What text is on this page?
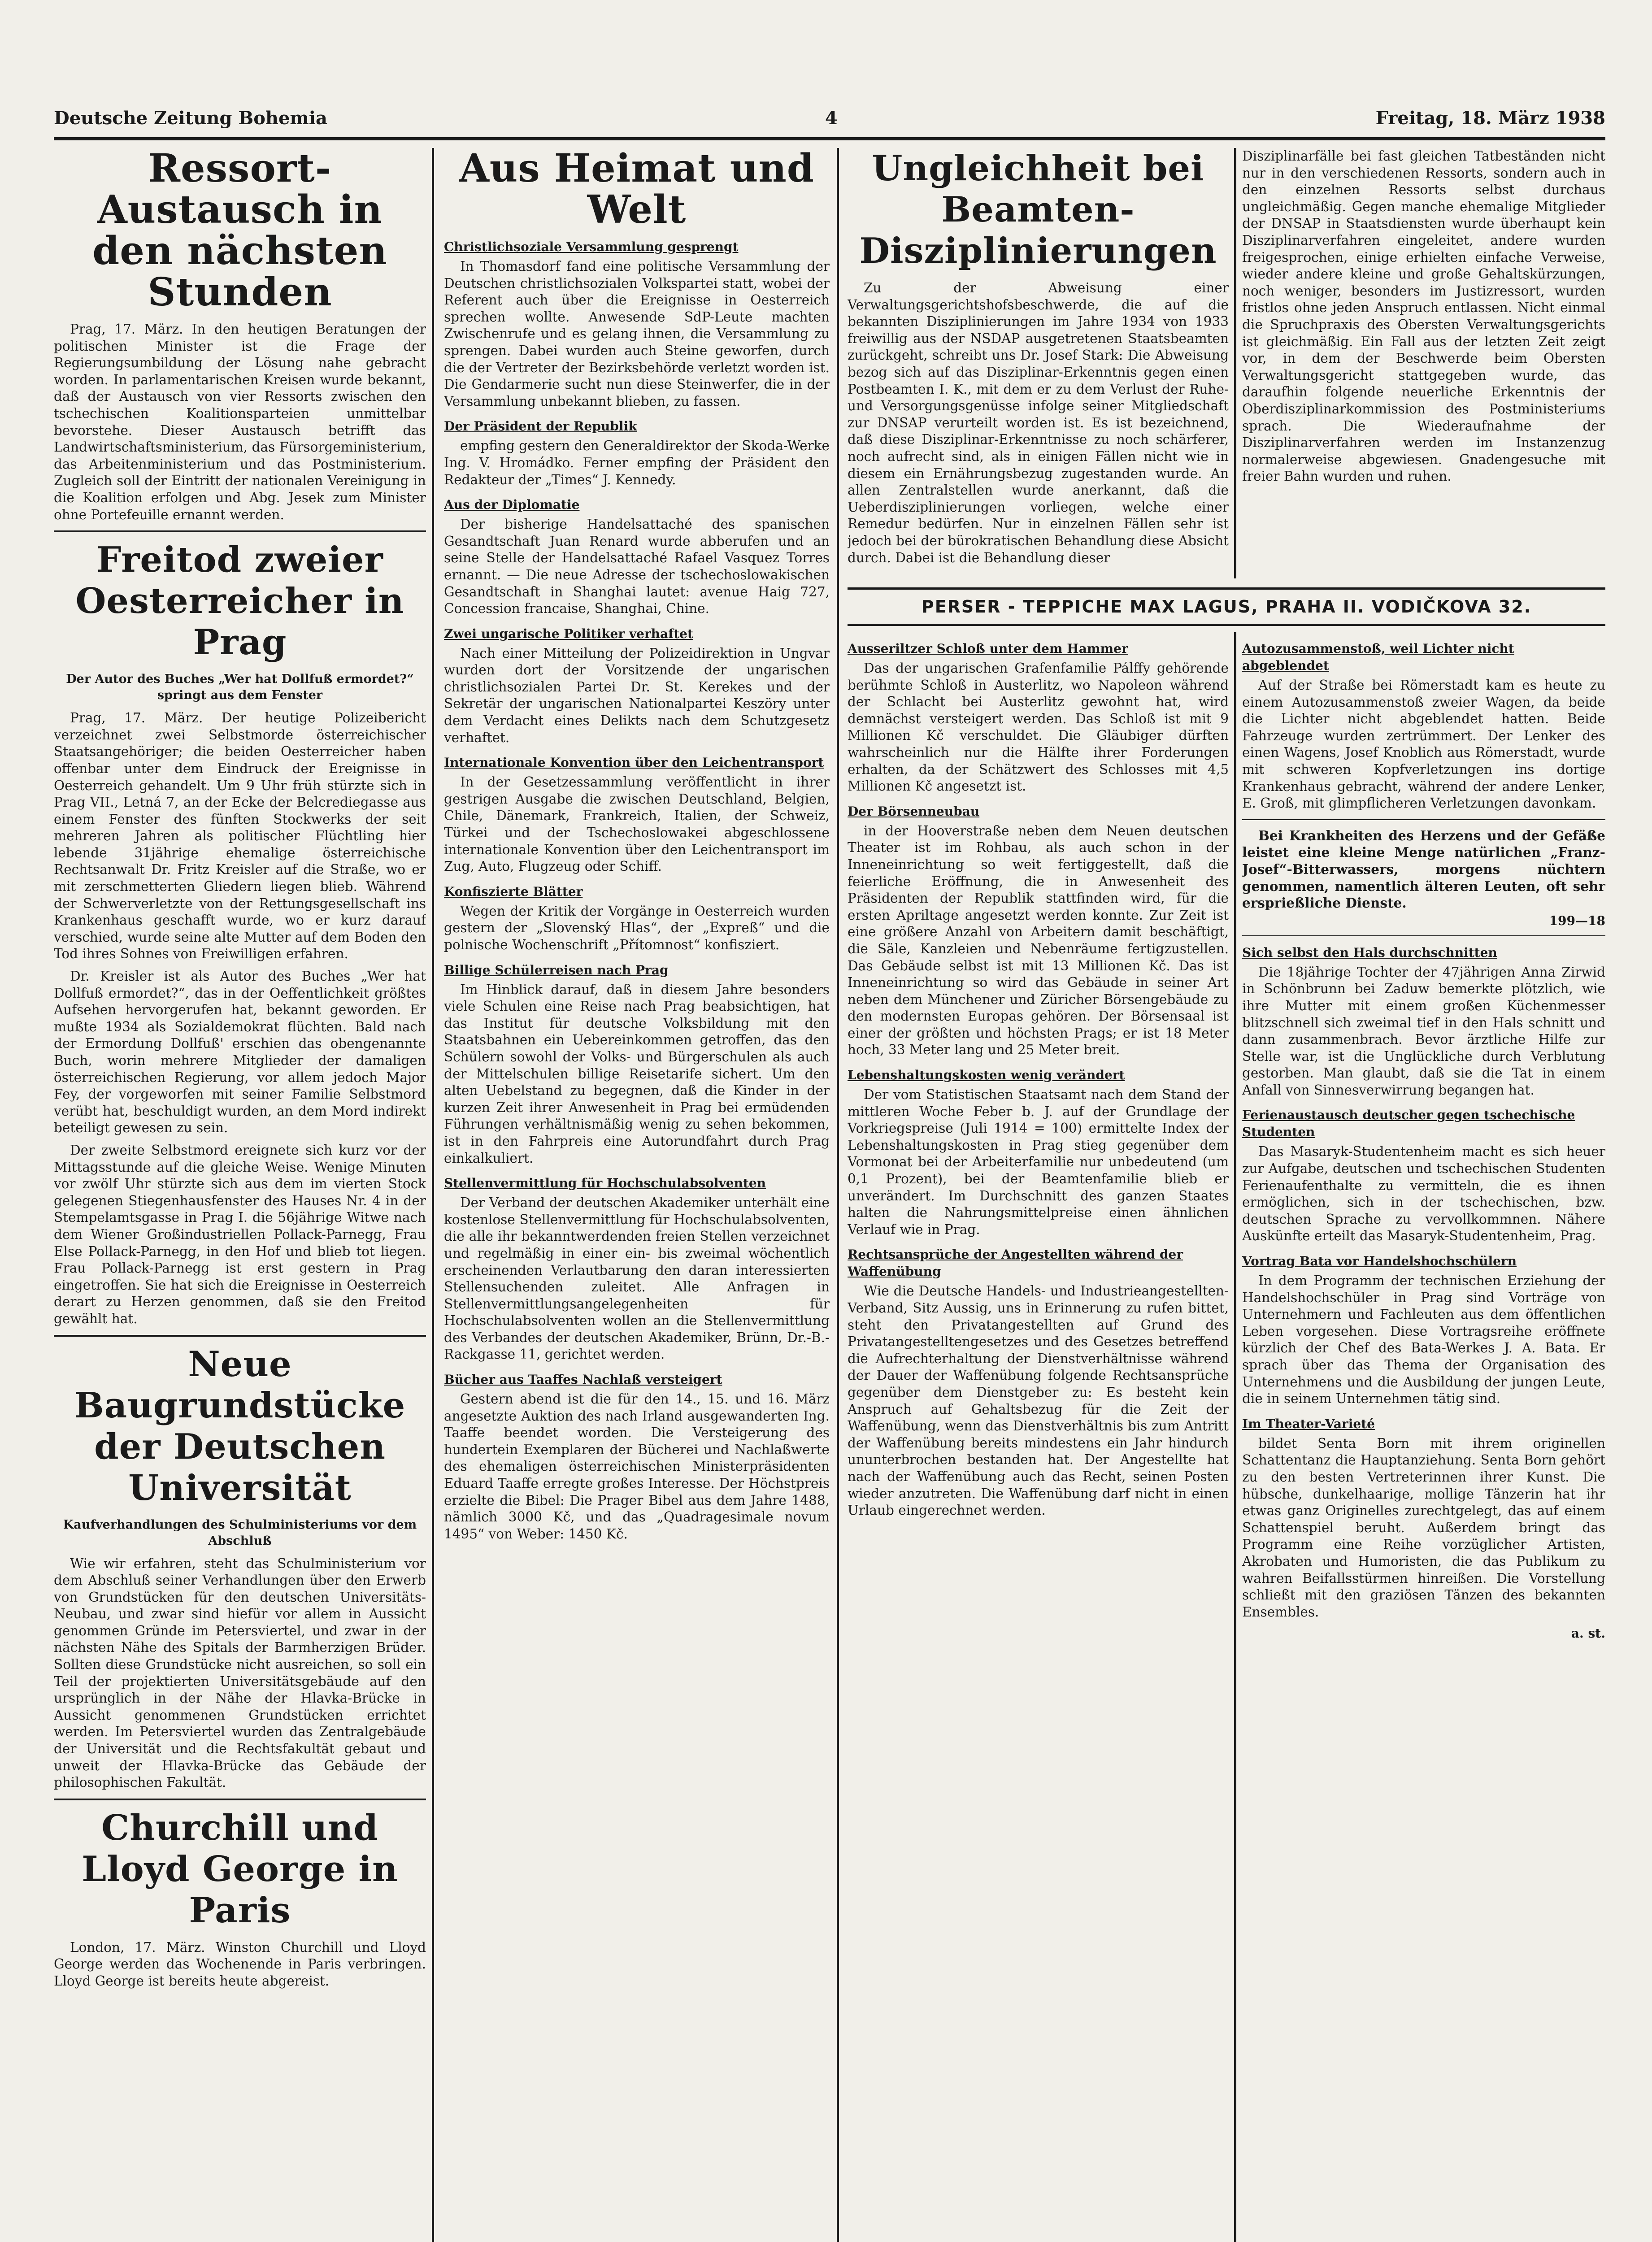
Deutsche Zeitung Bohemia	4	Freitag, 18. März 1938
Ressort-Austausch in den nächsten Stunden

Prag, 17. März. In den heutigen Beratungen der politischen Minister ist die Frage der Regierungsumbildung der Lösung nahe gebracht worden. In parlamentarischen Kreisen wurde bekannt, daß der Austausch von vier Ressorts zwischen den tschechischen Koalitionsparteien unmittelbar bevorstehe. Dieser Austausch betrifft das Landwirtschaftsministerium, das Fürsorgeministerium, das Arbeitenministerium und das Postministerium. Zugleich soll der Eintritt der nationalen Vereinigung in die Koalition erfolgen und Abg. Jesek zum Minister ohne Portefeuille ernannt werden.

Freitod zweier Oesterreicher in Prag
Der Autor des Buches „Wer hat Dollfuß ermordet?“ springt aus dem Fenster

Prag, 17. März. Der heutige Polizeibericht verzeichnet zwei Selbstmorde österreichischer Staatsangehöriger; die beiden Oesterreicher haben offenbar unter dem Eindruck der Ereignisse in Oesterreich gehandelt. Um 9 Uhr früh stürzte sich in Prag VII., Letná 7, an der Ecke der Belcrediegasse aus einem Fenster des fünften Stockwerks der seit mehreren Jahren als politischer Flüchtling hier lebende 31jährige ehemalige österreichische Rechtsanwalt Dr. Fritz Kreisler auf die Straße, wo er mit zerschmetterten Gliedern liegen blieb. Während der Schwerverletzte von der Rettungsgesellschaft ins Krankenhaus geschafft wurde, wo er kurz darauf verschied, wurde seine alte Mutter auf dem Boden den Tod ihres Sohnes von Freiwilligen erfahren.

Dr. Kreisler ist als Autor des Buches „Wer hat Dollfuß ermordet?“, das in der Oeffentlichkeit größtes Aufsehen hervorgerufen hat, bekannt geworden. Er mußte 1934 als Sozialdemokrat flüchten. Bald nach der Ermordung Dollfuß' erschien das obengenannte Buch, worin mehrere Mitglieder der damaligen österreichischen Regierung, vor allem jedoch Major Fey, der vorgeworfen mit seiner Familie Selbstmord verübt hat, beschuldigt wurden, an dem Mord indirekt beteiligt gewesen zu sein.

Der zweite Selbstmord ereignete sich kurz vor der Mittagsstunde auf die gleiche Weise. Wenige Minuten vor zwölf Uhr stürzte sich aus dem im vierten Stock gelegenen Stiegenhausfenster des Hauses Nr. 4 in der Stempelamtsgasse in Prag I. die 56jährige Witwe nach dem Wiener Großindustriellen Pollack-Parnegg, Frau Else Pollack-Parnegg, in den Hof und blieb tot liegen. Frau Pollack-Parnegg ist erst gestern in Prag eingetroffen. Sie hat sich die Ereignisse in Oesterreich derart zu Herzen genommen, daß sie den Freitod gewählt hat.

Neue Baugrundstücke der Deutschen Universität
Kaufverhandlungen des Schulministeriums vor dem Abschluß

Wie wir erfahren, steht das Schulministerium vor dem Abschluß seiner Verhandlungen über den Erwerb von Grundstücken für den deutschen Universitäts-Neubau, und zwar sind hiefür vor allem in Aussicht genommen Gründe im Petersviertel, und zwar in der nächsten Nähe des Spitals der Barmherzigen Brüder. Sollten diese Grundstücke nicht ausreichen, so soll ein Teil der projektierten Universitätsgebäude auf den ursprünglich in der Nähe der Hlavka-Brücke in Aussicht genommenen Grundstücken errichtet werden. Im Petersviertel wurden das Zentralgebäude der Universität und die Rechtsfakultät gebaut und unweit der Hlavka-Brücke das Gebäude der philosophischen Fakultät.

Churchill und Lloyd George in Paris

London, 17. März. Winston Churchill und Lloyd George werden das Wochenende in Paris verbringen. Lloyd George ist bereits heute abgereist.

Aus Heimat und Welt
Christlichsoziale Versammlung gesprengt

In Thomasdorf fand eine politische Versammlung der Deutschen christlichsozialen Volkspartei statt, wobei der Referent auch über die Ereignisse in Oesterreich sprechen wollte. Anwesende SdP-Leute machten Zwischenrufe und es gelang ihnen, die Versammlung zu sprengen. Dabei wurden auch Steine geworfen, durch die der Vertreter der Bezirksbehörde verletzt worden ist. Die Gendarmerie sucht nun diese Steinwerfer, die in der Versammlung unbekannt blieben, zu fassen.

Der Präsident der Republik

empfing gestern den Generaldirektor der Skoda-Werke Ing. V. Hromádko. Ferner empfing der Präsident den Redakteur der „Times“ J. Kennedy.

Aus der Diplomatie

Der bisherige Handelsattaché des spanischen Gesandtschaft Juan Renard wurde abberufen und an seine Stelle der Handelsattaché Rafael Vasquez Torres ernannt. — Die neue Adresse der tschechoslowakischen Gesandtschaft in Shanghai lautet: avenue Haig 727, Concession francaise, Shanghai, Chine.

Zwei ungarische Politiker verhaftet

Nach einer Mitteilung der Polizeidirektion in Ungvar wurden dort der Vorsitzende der ungarischen christlichsozialen Partei Dr. St. Kerekes und der Sekretär der ungarischen Nationalpartei Keszöry unter dem Verdacht eines Delikts nach dem Schutzgesetz verhaftet.

Internationale Konvention über den Leichentransport

In der Gesetzessammlung veröffentlicht in ihrer gestrigen Ausgabe die zwischen Deutschland, Belgien, Chile, Dänemark, Frankreich, Italien, der Schweiz, Türkei und der Tschechoslowakei abgeschlossene internationale Konvention über den Leichentransport im Zug, Auto, Flugzeug oder Schiff.

Konfiszierte Blätter

Wegen der Kritik der Vorgänge in Oesterreich wurden gestern der „Slovenský Hlas“, der „Expreß“ und die polnische Wochenschrift „Přítomnost“ konfisziert.

Billige Schülerreisen nach Prag

Im Hinblick darauf, daß in diesem Jahre besonders viele Schulen eine Reise nach Prag beabsichtigen, hat das Institut für deutsche Volksbildung mit den Staatsbahnen ein Uebereinkommen getroffen, das den Schülern sowohl der Volks- und Bürgerschulen als auch der Mittelschulen billige Reisetarife sichert. Um den alten Uebelstand zu begegnen, daß die Kinder in der kurzen Zeit ihrer Anwesenheit in Prag bei ermüdenden Führungen verhältnismäßig wenig zu sehen bekommen, ist in den Fahrpreis eine Autorundfahrt durch Prag einkalkuliert.

Stellenvermittlung für Hochschulabsolventen

Der Verband der deutschen Akademiker unterhält eine kostenlose Stellenvermittlung für Hochschulabsolventen, die alle ihr bekanntwerdenden freien Stellen verzeichnet und regelmäßig in einer ein- bis zweimal wöchentlich erscheinenden Verlautbarung den daran interessierten Stellensuchenden zuleitet. Alle Anfragen in Stellenvermittlungsangelegenheiten für Hochschulabsolventen wollen an die Stellenvermittlung des Verbandes der deutschen Akademiker, Brünn, Dr.-B.-Rackgasse 11, gerichtet werden.

Bücher aus Taaffes Nachlaß versteigert

Gestern abend ist die für den 14., 15. und 16. März angesetzte Auktion des nach Irland ausgewanderten Ing. Taaffe beendet worden. Die Versteigerung des hundertein Exemplaren der Bücherei und Nachlaßwerte des ehemaligen österreichischen Ministerpräsidenten Eduard Taaffe erregte großes Interesse. Der Höchstpreis erzielte die Bibel: Die Prager Bibel aus dem Jahre 1488, nämlich 3000 Kč, und das „Quadragesimale novum 1495“ von Weber: 1450 Kč.

Ungleichheit bei Beamten-Disziplinierungen

Zu der Abweisung einer Verwaltungsgerichtshofsbeschwerde, die auf die bekannten Disziplinierungen im Jahre 1934 von 1933 freiwillig aus der NSDAP ausgetretenen Staatsbeamten zurückgeht, schreibt uns Dr. Josef Stark: Die Abweisung bezog sich auf das Disziplinar-Erkenntnis gegen einen Postbeamten I. K., mit dem er zu dem Verlust der Ruhe- und Versorgungsgenüsse infolge seiner Mitgliedschaft zur DNSAP verurteilt worden ist. Es ist bezeichnend, daß diese Disziplinar-Erkenntnisse zu noch schärferer, noch aufrecht sind, als in einigen Fällen nicht wie in diesem ein Ernährungsbezug zugestanden wurde. An allen Zentralstellen wurde anerkannt, daß die Ueberdisziplinierungen vorliegen, welche einer Remedur bedürfen. Nur in einzelnen Fällen sehr ist jedoch bei der bürokratischen Behandlung diese Absicht durch. Dabei ist die Behandlung dieser

Disziplinarfälle bei fast gleichen Tatbeständen nicht nur in den verschiedenen Ressorts, sondern auch in den einzelnen Ressorts selbst durchaus ungleichmäßig. Gegen manche ehemalige Mitglieder der DNSAP in Staatsdiensten wurde überhaupt kein Disziplinarverfahren eingeleitet, andere wurden freigesprochen, einige erhielten einfache Verweise, wieder andere kleine und große Gehaltskürzungen, noch weniger, besonders im Justizressort, wurden fristlos ohne jeden Anspruch entlassen. Nicht einmal die Spruchpraxis des Obersten Verwaltungsgerichts ist gleichmäßig. Ein Fall aus der letzten Zeit zeigt vor, in dem der Beschwerde beim Obersten Verwaltungsgericht stattgegeben wurde, das daraufhin folgende neuerliche Erkenntnis der Oberdisziplinarkommission des Postministeriums sprach. Die Wiederaufnahme der Disziplinarverfahren werden im Instanzenzug normalerweise abgewiesen. Gnadengesuche mit freier Bahn wurden und ruhen.

PERSER - TEPPICHE MAX LAGUS, PRAHA II. VODIČKOVA 32.
Ausseriltzer Schloß unter dem Hammer

Das der ungarischen Grafenfamilie Pálffy gehörende berühmte Schloß in Austerlitz, wo Napoleon während der Schlacht bei Austerlitz gewohnt hat, wird demnächst versteigert werden. Das Schloß ist mit 9 Millionen Kč verschuldet. Die Gläubiger dürften wahrscheinlich nur die Hälfte ihrer Forderungen erhalten, da der Schätzwert des Schlosses mit 4,5 Millionen Kč angesetzt ist.

Der Börsenneubau

in der Hooverstraße neben dem Neuen deutschen Theater ist im Rohbau, als auch schon in der Inneneinrichtung so weit fertiggestellt, daß die feierliche Eröffnung, die in Anwesenheit des Präsidenten der Republik stattfinden wird, für die ersten Apriltage angesetzt werden konnte. Zur Zeit ist eine größere Anzahl von Arbeitern damit beschäftigt, die Säle, Kanzleien und Nebenräume fertigzustellen. Das Gebäude selbst ist mit 13 Millionen Kč. Das ist Inneneinrichtung so wird das Gebäude in seiner Art neben dem Münchener und Züricher Börsengebäude zu den modernsten Europas gehören. Der Börsensaal ist einer der größten und höchsten Prags; er ist 18 Meter hoch, 33 Meter lang und 25 Meter breit.

Lebenshaltungskosten wenig verändert

Der vom Statistischen Staatsamt nach dem Stand der mittleren Woche Feber b. J. auf der Grundlage der Vorkriegspreise (Juli 1914 = 100) ermittelte Index der Lebenshaltungskosten in Prag stieg gegenüber dem Vormonat bei der Arbeiterfamilie nur unbedeutend (um 0,1 Prozent), bei der Beamtenfamilie blieb er unverändert. Im Durchschnitt des ganzen Staates halten die Nahrungsmittelpreise einen ähnlichen Verlauf wie in Prag.

Rechtsansprüche der Angestellten während der Waffenübung

Wie die Deutsche Handels- und Industrieangestellten-Verband, Sitz Aussig, uns in Erinnerung zu rufen bittet, steht den Privatangestellten auf Grund des Privatangestelltengesetzes und des Gesetzes betreffend die Aufrechterhaltung der Dienstverhältnisse während der Dauer der Waffenübung folgende Rechtsansprüche gegenüber dem Dienstgeber zu: Es besteht kein Anspruch auf Gehaltsbezug für die Zeit der Waffenübung, wenn das Dienstverhältnis bis zum Antritt der Waffenübung bereits mindestens ein Jahr hindurch ununterbrochen bestanden hat. Der Angestellte hat nach der Waffenübung auch das Recht, seinen Posten wieder anzutreten. Die Waffenübung darf nicht in einen Urlaub eingerechnet werden.

Autozusammenstoß, weil Lichter nicht abgeblendet

Auf der Straße bei Römerstadt kam es heute zu einem Autozusammenstoß zweier Wagen, da beide die Lichter nicht abgeblendet hatten. Beide Fahrzeuge wurden zertrümmert. Der Lenker des einen Wagens, Josef Knoblich aus Römerstadt, wurde mit schweren Kopfverletzungen ins dortige Krankenhaus gebracht, während der andere Lenker, E. Groß, mit glimpflicheren Verletzungen davonkam.

Bei Krankheiten des Herzens und der Gefäße leistet eine kleine Menge natürlichen „Franz-Josef“-Bitterwassers, morgens nüchtern genommen, namentlich älteren Leuten, oft sehr ersprießliche Dienste.

199—18
Sich selbst den Hals durchschnitten

Die 18jährige Tochter der 47jährigen Anna Zirwid in Schönbrunn bei Zaduw bemerkte plötzlich, wie ihre Mutter mit einem großen Küchenmesser blitzschnell sich zweimal tief in den Hals schnitt und dann zusammenbrach. Bevor ärztliche Hilfe zur Stelle war, ist die Unglückliche durch Verblutung gestorben. Man glaubt, daß sie die Tat in einem Anfall von Sinnesverwirrung begangen hat.

Ferienaustausch deutscher gegen tschechische Studenten

Das Masaryk-Studentenheim macht es sich heuer zur Aufgabe, deutschen und tschechischen Studenten Ferienaufenthalte zu vermitteln, die es ihnen ermöglichen, sich in der tschechischen, bzw. deutschen Sprache zu vervollkommnen. Nähere Auskünfte erteilt das Masaryk-Studentenheim, Prag.

Vortrag Bata vor Handelshochschülern

In dem Programm der technischen Erziehung der Handelshochschüler in Prag sind Vorträge von Unternehmern und Fachleuten aus dem öffentlichen Leben vorgesehen. Diese Vortragsreihe eröffnete kürzlich der Chef des Bata-Werkes J. A. Bata. Er sprach über das Thema der Organisation des Unternehmens und die Ausbildung der jungen Leute, die in seinem Unternehmen tätig sind.

Im Theater-Varieté

bildet Senta Born mit ihrem originellen Schattentanz die Hauptanziehung. Senta Born gehört zu den besten Vertreterinnen ihrer Kunst. Die hübsche, dunkelhaarige, mollige Tänzerin hat ihr etwas ganz Originelles zurechtgelegt, das auf einem Schattenspiel beruht. Außerdem bringt das Programm eine Reihe vorzüglicher Artisten, Akrobaten und Humoristen, die das Publikum zu wahren Beifallsstürmen hinreißen. Die Vorstellung schließt mit den graziösen Tänzen des bekannten Ensembles.

a. st.
